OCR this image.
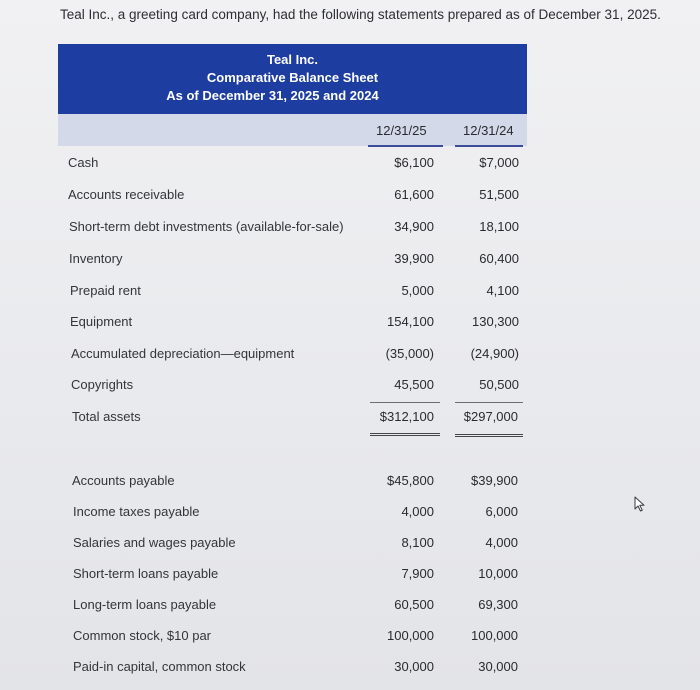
Teal Inc., a greeting card company, had the following statements prepared as of December 31, 2025.
Teal Inc.
Comparative Balance Sheet
As of December 31, 2025 and 2024
12/31/25	12/31/24
Cash	$6,100	$7,000
Accounts receivable	61,600	51,500
Short-term debt investments (available-for-sale)	34,900	18,100
Inventory	39,900	60,400
Prepaid rent	5,000	4,100
Equipment	154,100	130,300
Accumulated depreciation—equipment	(35,000)	(24,900)
Copyrights	45,500	50,500
Total assets	$312,100	$297,000
Accounts payable	$45,800	$39,900
Income taxes payable	4,000	6,000
Salaries and wages payable	8,100	4,000
Short-term loans payable	7,900	10,000
Long-term loans payable	60,500	69,300
Common stock, $10 par	100,000	100,000
Paid-in capital, common stock	30,000	30,000
